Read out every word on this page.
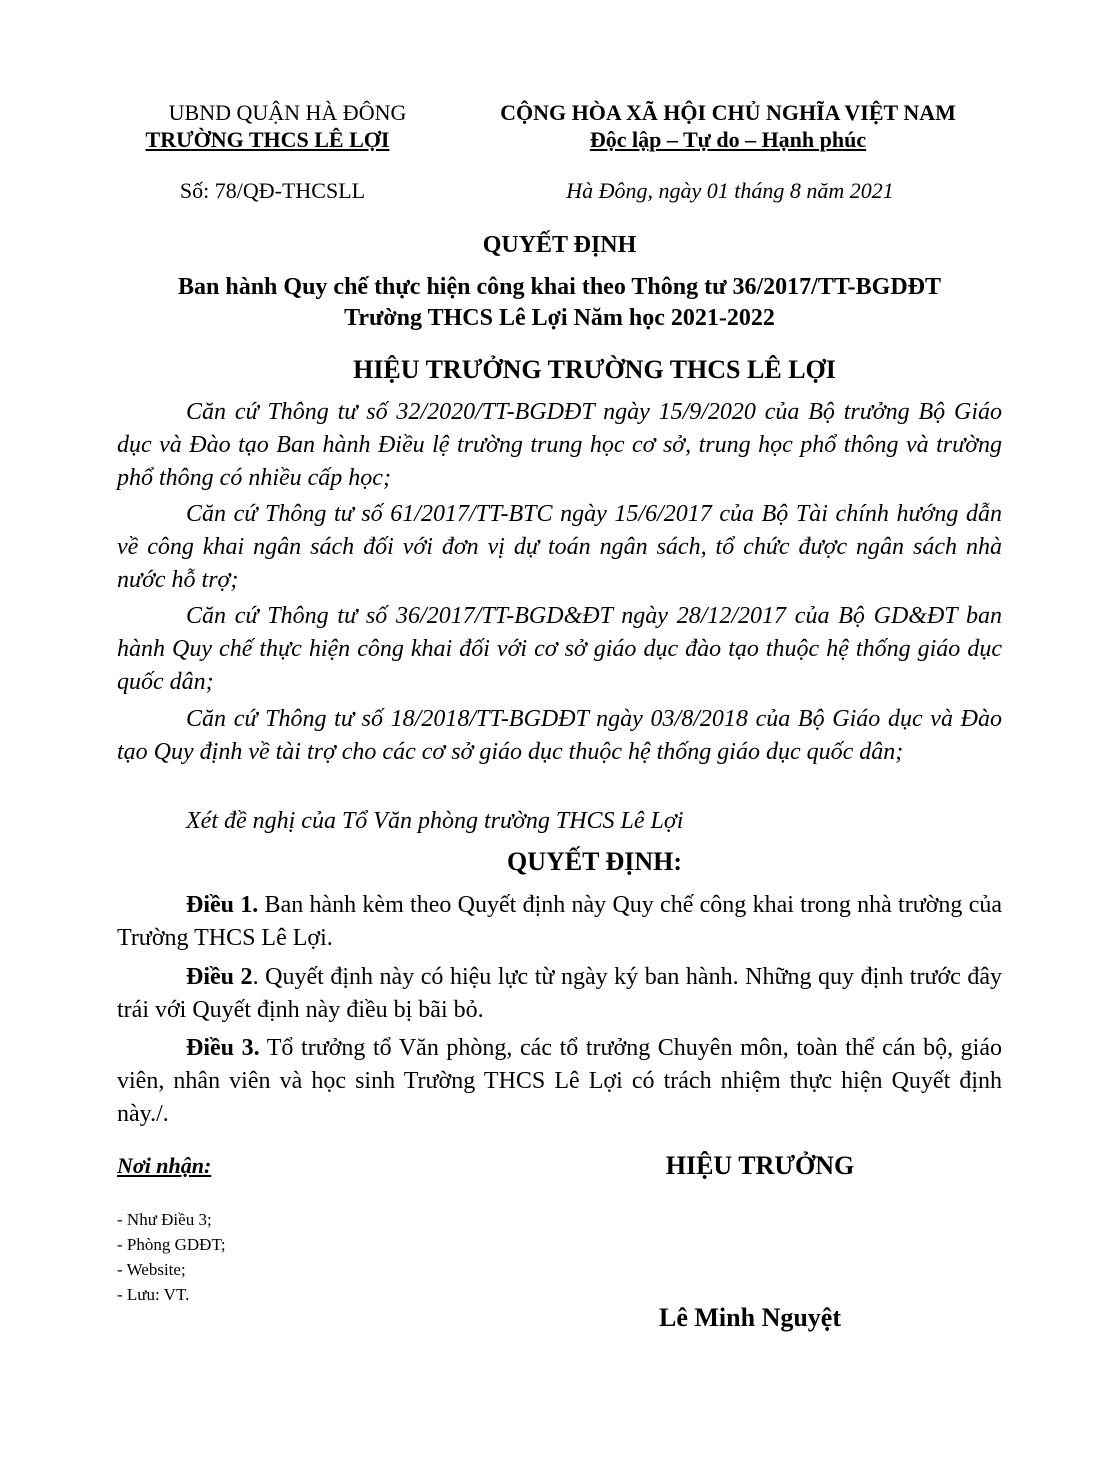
UBND QUẬN HÀ ĐÔNG
TRƯỜNG THCS LÊ LỢI
CỘNG HÒA XÃ HỘI CHỦ NGHĨA VIỆT NAM
Độc lập – Tự do – Hạnh phúc
Số: 78/QĐ-THCSLL	Hà Đông, ngày 01 tháng 8 năm 2021
QUYẾT ĐỊNH
Ban hành Quy chế thực hiện công khai theo Thông tư 36/2017/TT-BGDĐT
Trường THCS Lê Lợi Năm học 2021-2022
HIỆU TRƯỞNG TRƯỜNG THCS LÊ LỢI
Căn cứ Thông tư số 32/2020/TT-BGDĐT ngày 15/9/2020 của Bộ trưởng Bộ Giáo dục và Đào tạo Ban hành Điều lệ trường trung học cơ sở, trung học phổ thông và trường phổ thông có nhiều cấp học;
Căn cứ Thông tư số 61/2017/TT-BTC ngày 15/6/2017 của Bộ Tài chính hướng dẫn về công khai ngân sách đối với đơn vị dự toán ngân sách, tổ chức được ngân sách nhà nước hỗ trợ;
Căn cứ Thông tư số 36/2017/TT-BGD&ĐT ngày 28/12/2017 của Bộ GD&ĐT ban hành Quy chế thực hiện công khai đối với cơ sở giáo dục đào tạo thuộc hệ thống giáo dục quốc dân;
Căn cứ Thông tư số 18/2018/TT-BGDĐT ngày 03/8/2018 của Bộ Giáo dục và Đào tạo Quy định về tài trợ cho các cơ sở giáo dục thuộc hệ thống giáo dục quốc dân;
Xét đề nghị của Tổ Văn phòng trường THCS Lê Lợi
QUYẾT ĐỊNH:
Điều 1. Ban hành kèm theo Quyết định này Quy chế công khai trong nhà trường của Trường THCS Lê Lợi.
Điều 2. Quyết định này có hiệu lực từ ngày ký ban hành. Những quy định trước đây trái với Quyết định này điều bị bãi bỏ.
Điều 3. Tổ trưởng tổ Văn phòng, các tổ trưởng Chuyên môn, toàn thể cán bộ, giáo viên, nhân viên và học sinh Trường THCS Lê Lợi có trách nhiệm thực hiện Quyết định này./.
Nơi nhận:
- Như Điều 3;
- Phòng GDĐT;
- Website;
- Lưu: VT.
HIỆU TRƯỞNG
Lê Minh Nguyệt
